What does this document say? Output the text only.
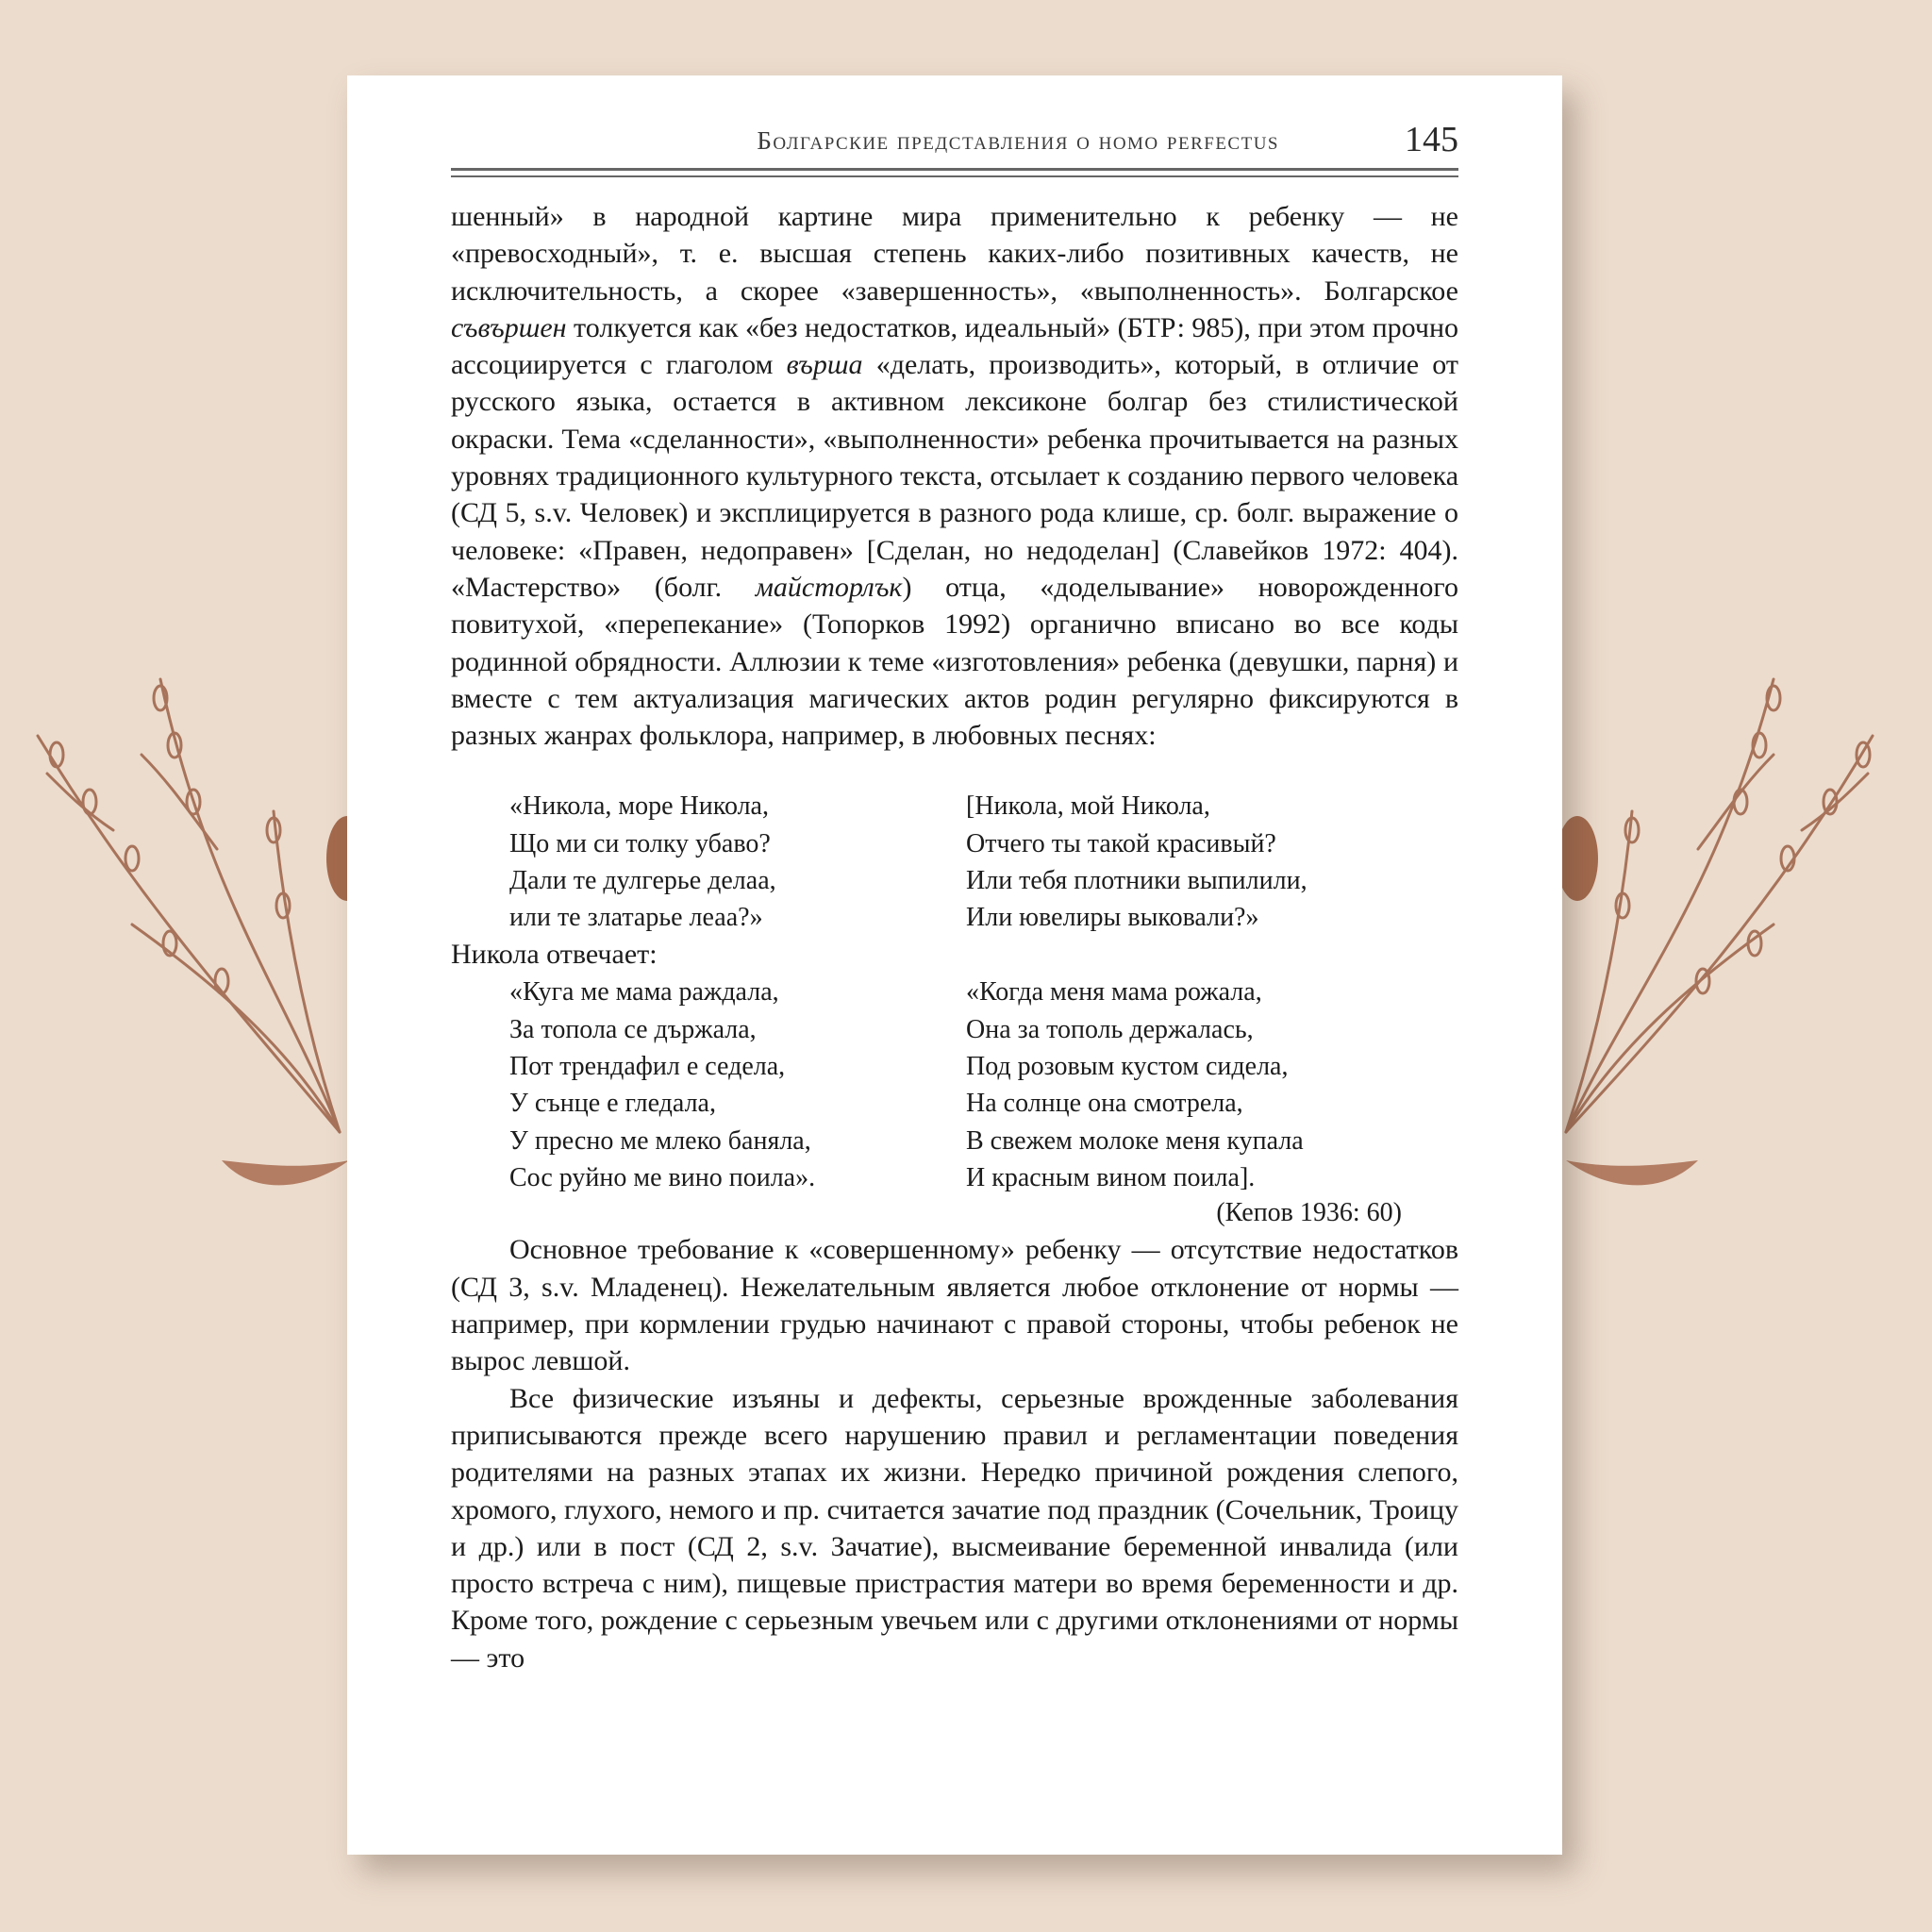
Болгарские представления о homo perfectus	145

шенный» в народной картине мира применительно к ребенку — не «превосходный», т. е. высшая степень каких-либо позитивных качеств, не исключительность, а скорее «завершенность», «выполненность». Болгарское съвършен толкуется как «без недостатков, идеальный» (БТР: 985), при этом прочно ассоциируется с глаголом върша «делать, производить», который, в отличие от русского языка, остается в активном лексиконе болгар без стилистической окраски. Тема «сделанности», «выполненности» ребенка прочитывается на разных уровнях традиционного культурного текста, отсылает к созданию первого человека (СД 5, s.v. Человек) и эксплицируется в разного рода клише, ср. болг. выражение о человеке: «Правен, недоправен» [Сделан, но недоделан] (Славейков 1972: 404). «Мастерство» (болг. майсторлък) отца, «доделывание» новорожденного повитухой, «перепекание» (Топорков 1992) органично вписано во все коды родинной обрядности. Аллюзии к теме «изготовления» ребенка (девушки, парня) и вместе с тем актуализация магических актов родин регулярно фиксируются в разных жанрах фольклора, например, в любовных песнях:

«Никола, море Никола,
Що ми си толку убаво?
Дали те дулгерье делаа,
или те златарье леаа?»
[Никола, мой Никола,
Отчего ты такой красивый?
Или тебя плотники выпилили,
Или ювелиры выковали?»
Никола отвечает:
«Куга ме мама раждала,
За топола се държала,
Пот трендафил е седела,
У сънце е гледала,
У пресно ме млеко баняла,
Сос руйно ме вино поила».
«Когда меня мама рожала,
Она за тополь держалась,
Под розовым кустом сидела,
На солнце она смотрела,
В свежем молоке меня купала
И красным вином поила].
(Кепов 1936: 60)

Основное требование к «совершенному» ребенку — отсутствие недостатков (СД 3, s.v. Младенец). Нежелательным является любое отклонение от нормы — например, при кормлении грудью начинают с правой стороны, чтобы ребенок не вырос левшой.

Все физические изъяны и дефекты, серьезные врожденные заболевания приписываются прежде всего нарушению правил и регламентации поведения родителями на разных этапах их жизни. Нередко причиной рождения слепого, хромого, глухого, немого и пр. считается зачатие под праздник (Сочельник, Троицу и др.) или в пост (СД 2, s.v. Зачатие), высмеивание беременной инвалида (или просто встреча с ним), пищевые пристрастия матери во время беременности и др. Кроме того, рождение с серьезным увечьем или с другими отклонениями от нормы — это
